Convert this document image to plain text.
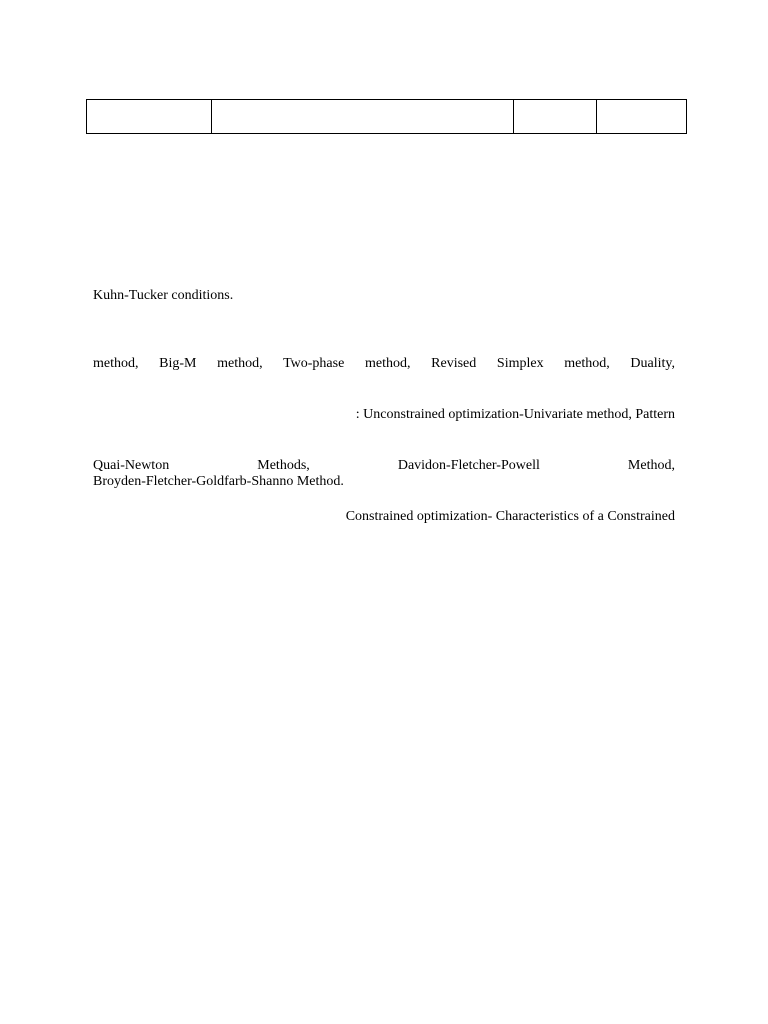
Kuhn-Tucker conditions.
method, Big-M method, Two-phase method, Revised Simplex method, Duality,
: Unconstrained optimization-Univariate method, Pattern
Quai-Newton Methods, Davidon-Fletcher-Powell Method,
Broyden-Fletcher-Goldfarb-Shanno Method.
Constrained optimization- Characteristics of a Constrained
